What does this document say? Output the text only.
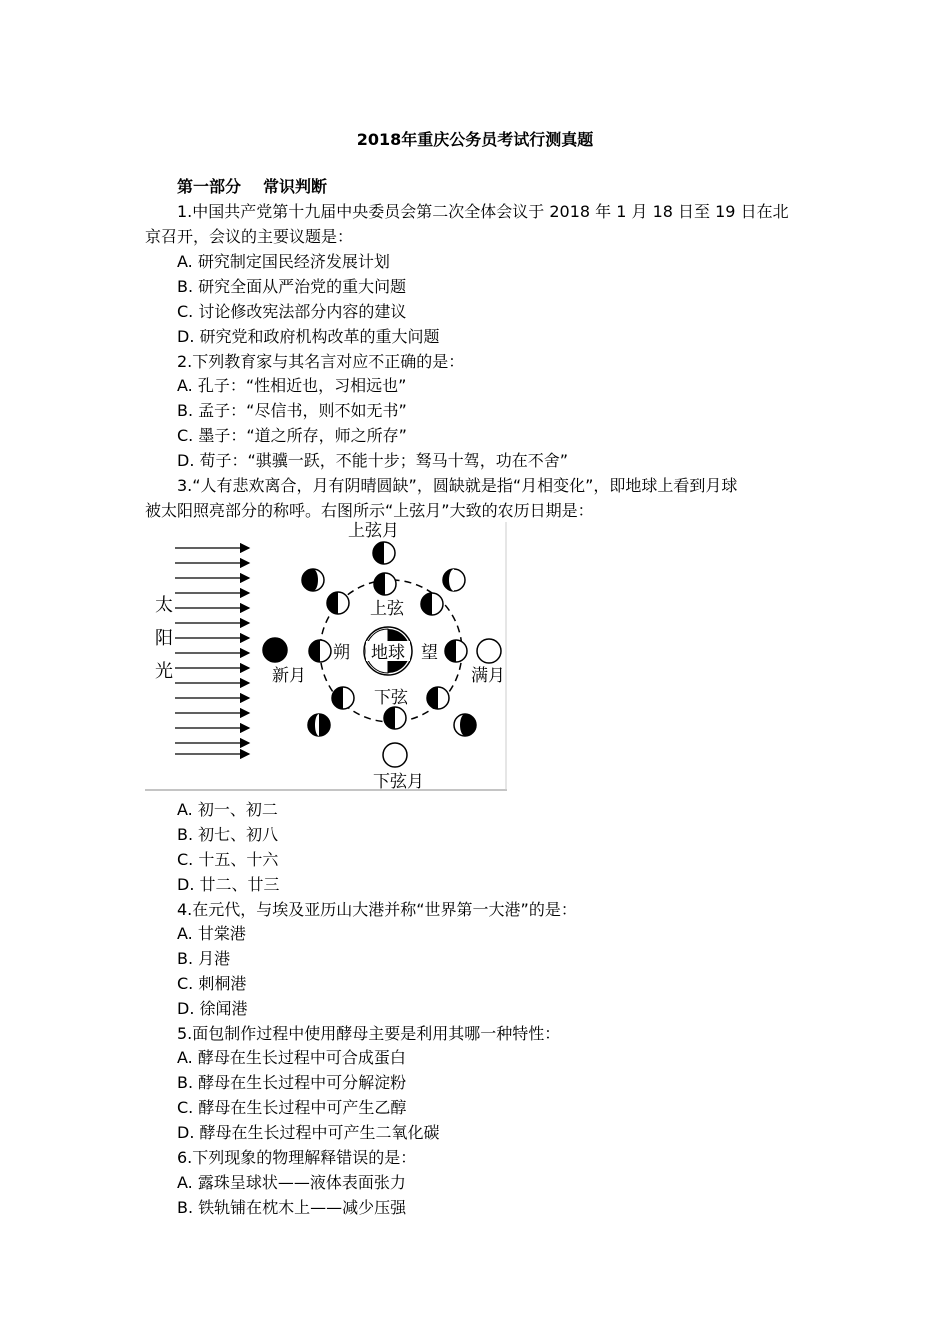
2018年重庆公务员考试行测真题
第一部分 常识判断
1.中国共产党第十九届中央委员会第二次全体会议于 2018 年 1 月 18 日至 19 日在北
京召开，会议的主要议题是：
A. 研究制定国民经济发展计划
B. 研究全面从严治党的重大问题
C. 讨论修改宪法部分内容的建议
D. 研究党和政府机构改革的重大问题
2.下列教育家与其名言对应不正确的是：
A. 孔子：“性相近也，习相远也”
B. 孟子：“尽信书，则不如无书”
C. 墨子：“道之所存，师之所存”
D. 荀子：“骐骥一跃，不能十步；驽马十驾，功在不舍”
3.“人有悲欢离合，月有阴晴圆缺”，圆缺就是指“月相变化”，即地球上看到月球
被太阳照亮部分的称呼。右图所示“上弦月”大致的农历日期是：
太
阳
光
地球
上弦月
上弦
朔	望
下弦
新月	满月
下弦月
A. 初一、初二
B. 初七、初八
C. 十五、十六
D. 廿二、廿三
4.在元代，与埃及亚历山大港并称“世界第一大港”的是：
A. 甘棠港
B. 月港
C. 刺桐港
D. 徐闻港
5.面包制作过程中使用酵母主要是利用其哪一种特性：
A. 酵母在生长过程中可合成蛋白
B. 酵母在生长过程中可分解淀粉
C. 酵母在生长过程中可产生乙醇
D. 酵母在生长过程中可产生二氧化碳
6.下列现象的物理解释错误的是：
A. 露珠呈球状——液体表面张力
B. 铁轨铺在枕木上——减少压强
